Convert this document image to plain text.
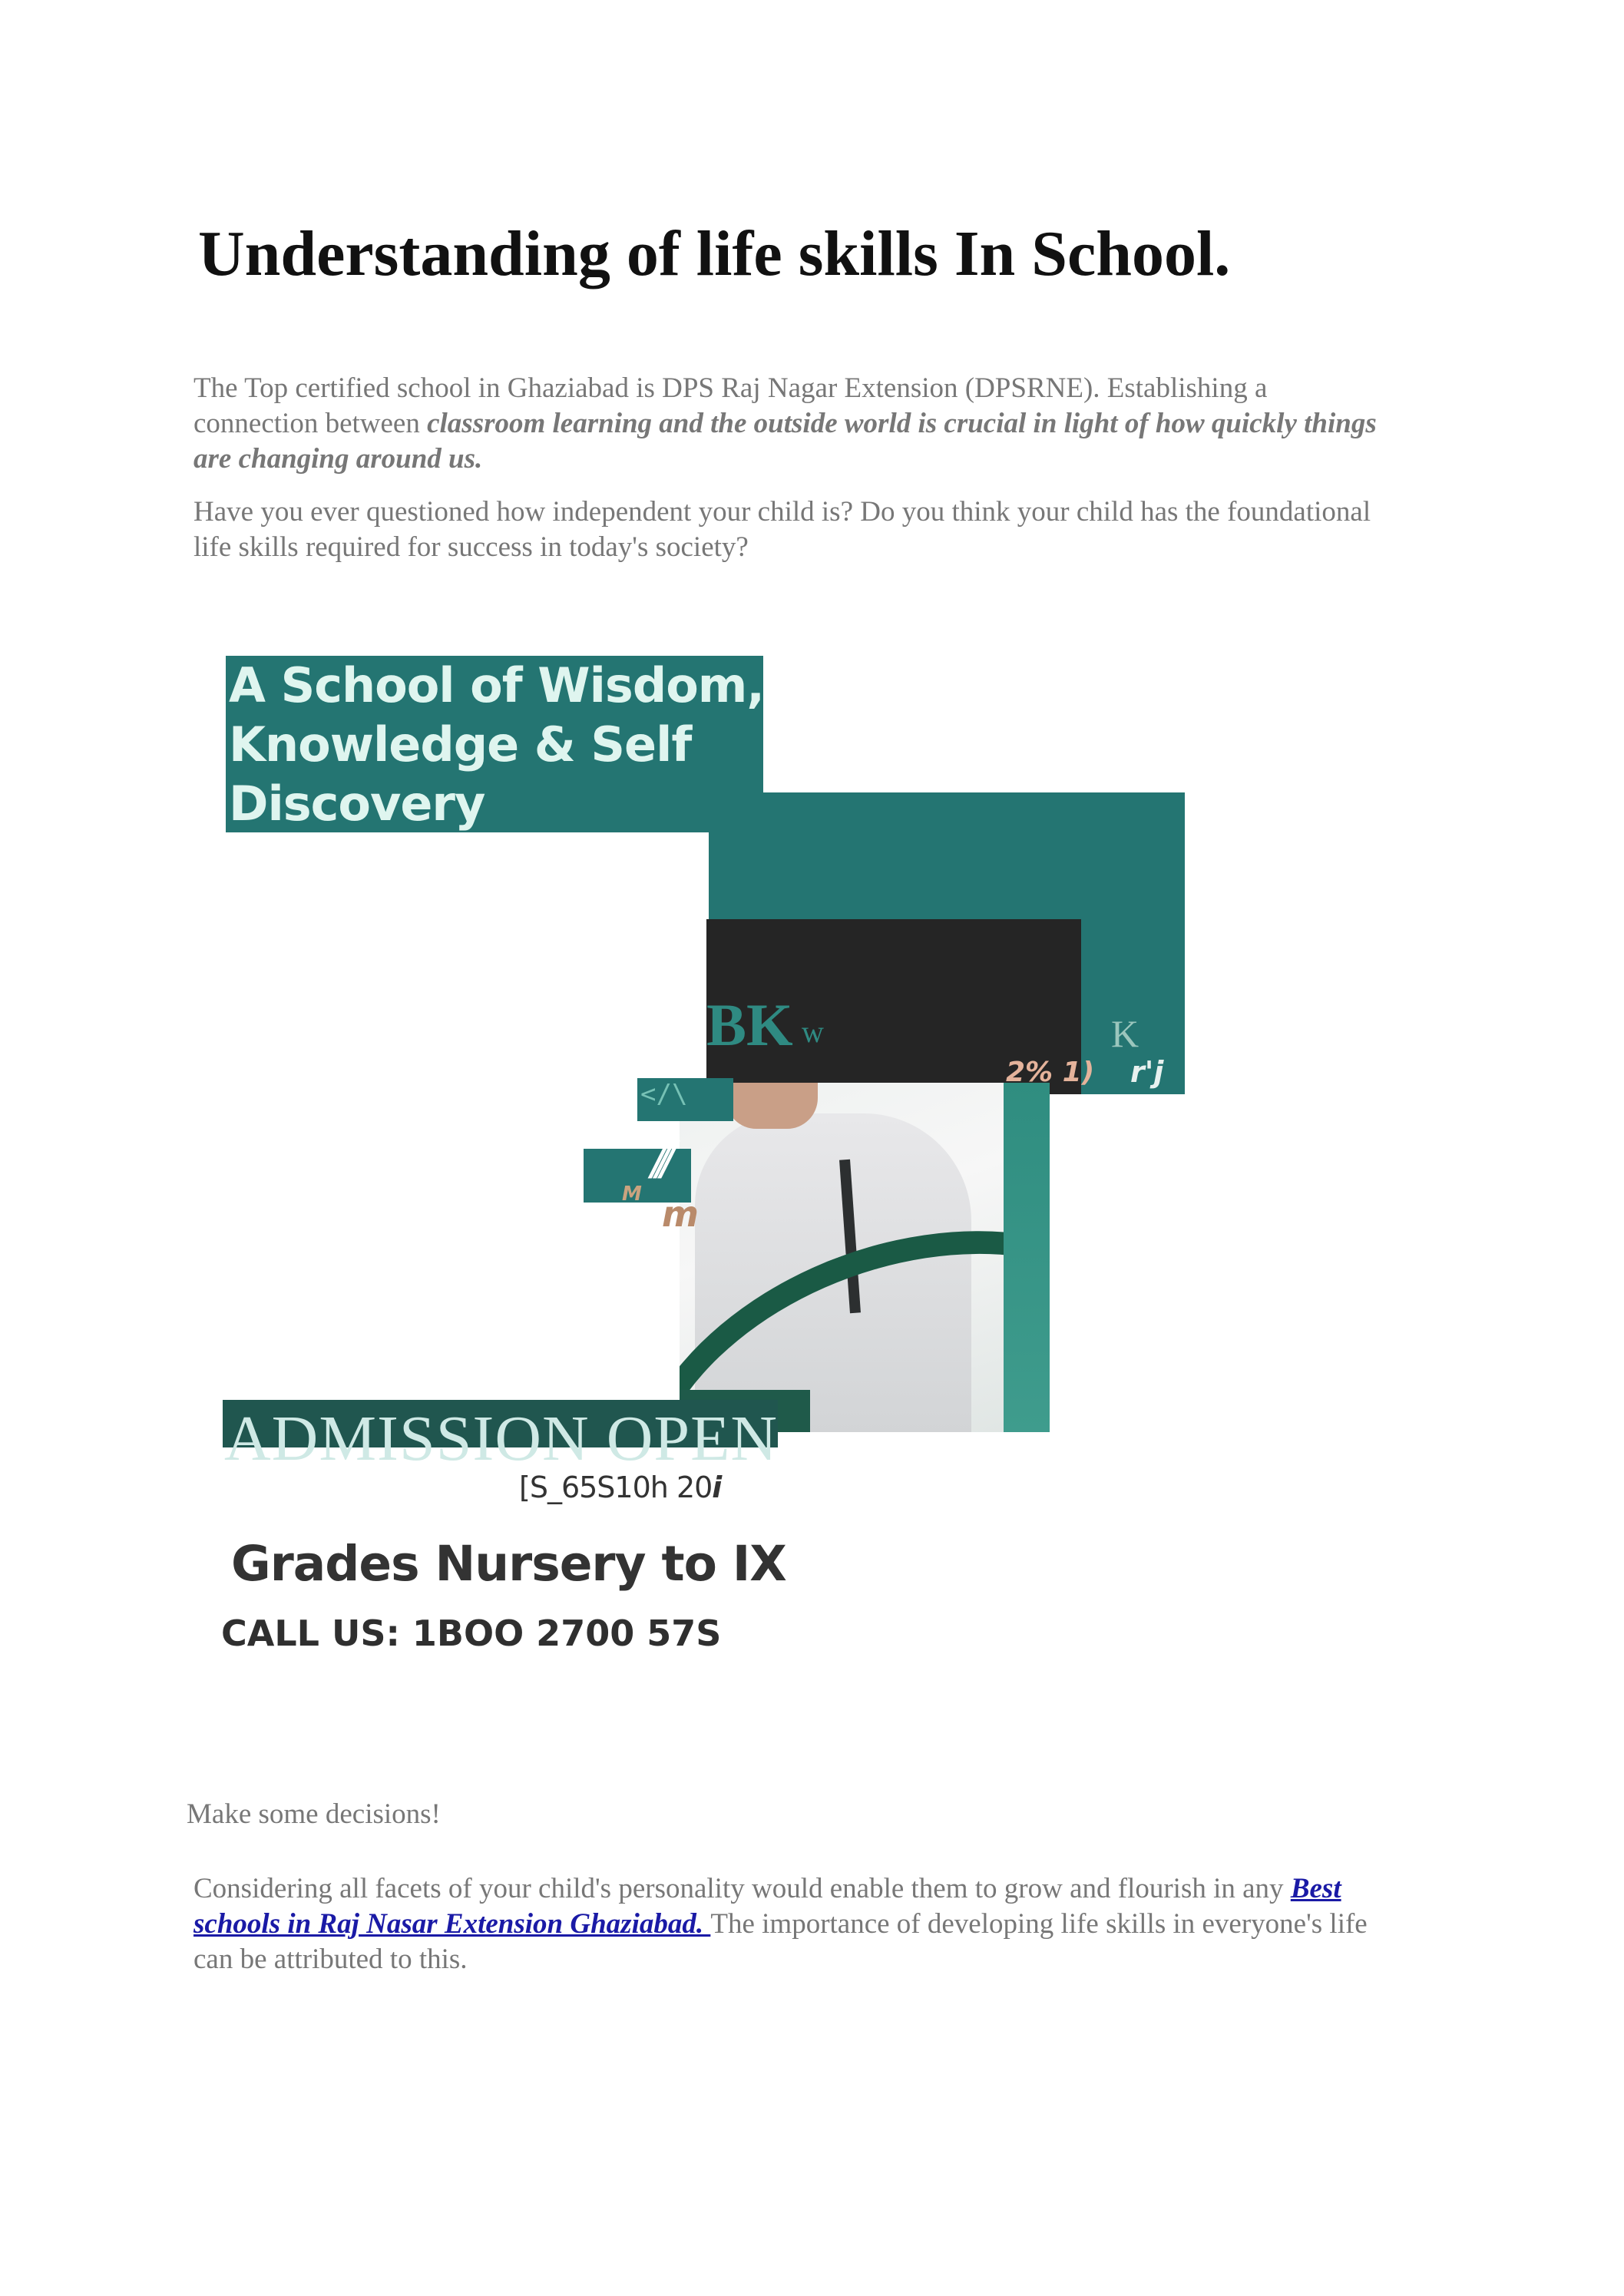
Understanding of life skills In School.

The Top certified school in Ghaziabad is DPS Raj Nagar Extension (DPSRNE). Establishing a connection between classroom learning and the outside world is crucial in light of how quickly things are changing around us.

Have you ever questioned how independent your child is? Do you think your child has the foundational life skills required for success in today's society?

A School of Wisdom,
Knowledge & Self
Discovery
BK w	K
2% 1) r'j
</\
///
M m
ADMISSION OPEN
[S_65S10h 20i
Grades Nursery to IX
CALL US: 1BOO 2700 57S

Make some decisions!

Considering all facets of your child's personality would enable them to grow and flourish in any Best schools in Raj Nasar Extension Ghaziabad. The importance of developing life skills in everyone's life can be attributed to this.
